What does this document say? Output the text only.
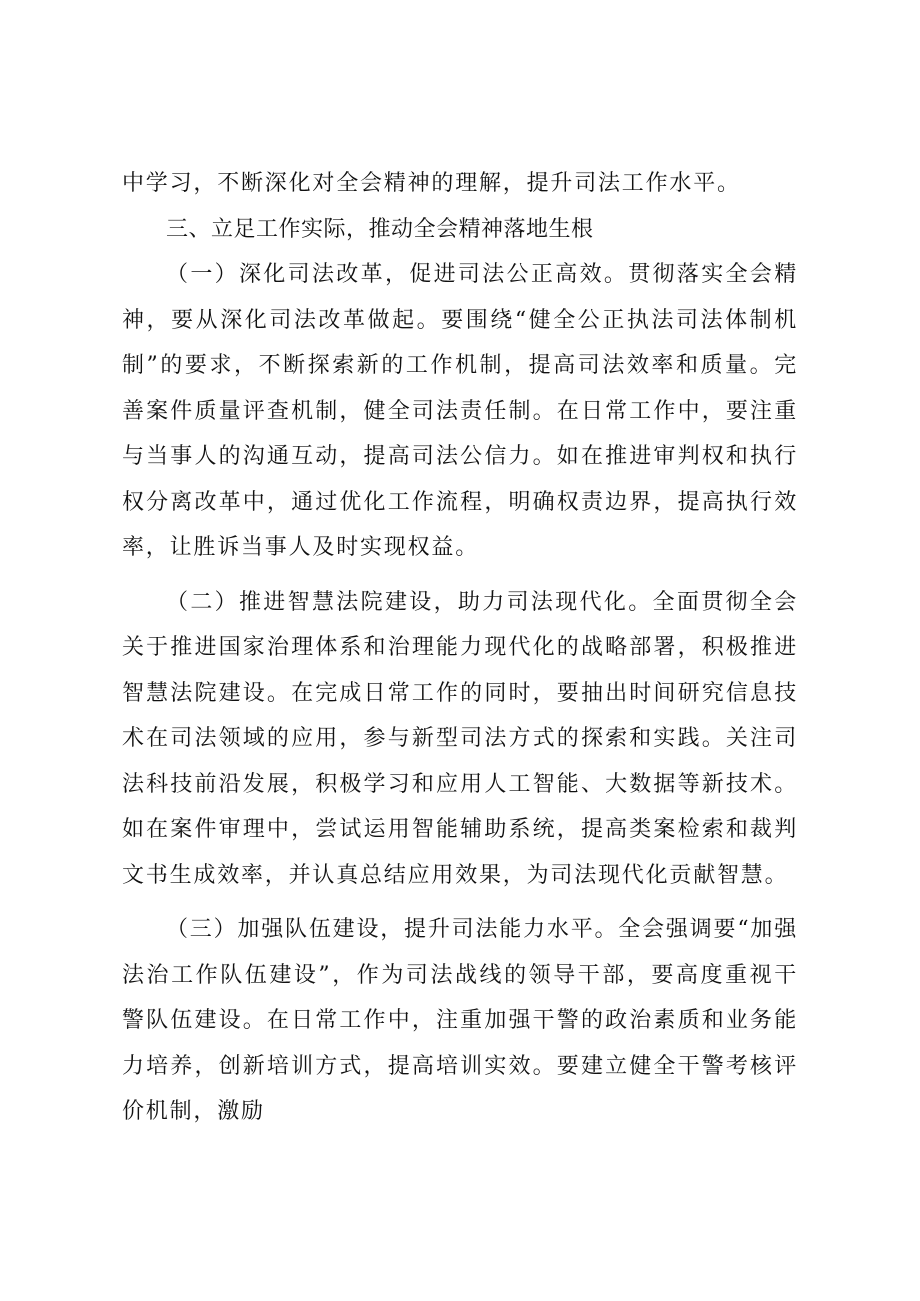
中学习，不断深化对全会精神的理解，提升司法工作水平。

三、立足工作实际，推动全会精神落地生根

（一）深化司法改革，促进司法公正高效。贯彻落实全会精神，要从深化司法改革做起。要围绕“健全公正执法司法体制机制”的要求，不断探索新的工作机制，提高司法效率和质量。完善案件质量评查机制，健全司法责任制。在日常工作中，要注重与当事人的沟通互动，提高司法公信力。如在推进审判权和执行权分离改革中，通过优化工作流程，明确权责边界，提高执行效率，让胜诉当事人及时实现权益。

（二）推进智慧法院建设，助力司法现代化。全面贯彻全会关于推进国家治理体系和治理能力现代化的战略部署，积极推进智慧法院建设。在完成日常工作的同时，要抽出时间研究信息技术在司法领域的应用，参与新型司法方式的探索和实践。关注司法科技前沿发展，积极学习和应用人工智能、大数据等新技术。如在案件审理中，尝试运用智能辅助系统，提高类案检索和裁判文书生成效率，并认真总结应用效果，为司法现代化贡献智慧。

（三）加强队伍建设，提升司法能力水平。全会强调要“加强法治工作队伍建设”，作为司法战线的领导干部，要高度重视干警队伍建设。在日常工作中，注重加强干警的政治素质和业务能力培养，创新培训方式，提高培训实效。要建立健全干警考核评价机制，激励
